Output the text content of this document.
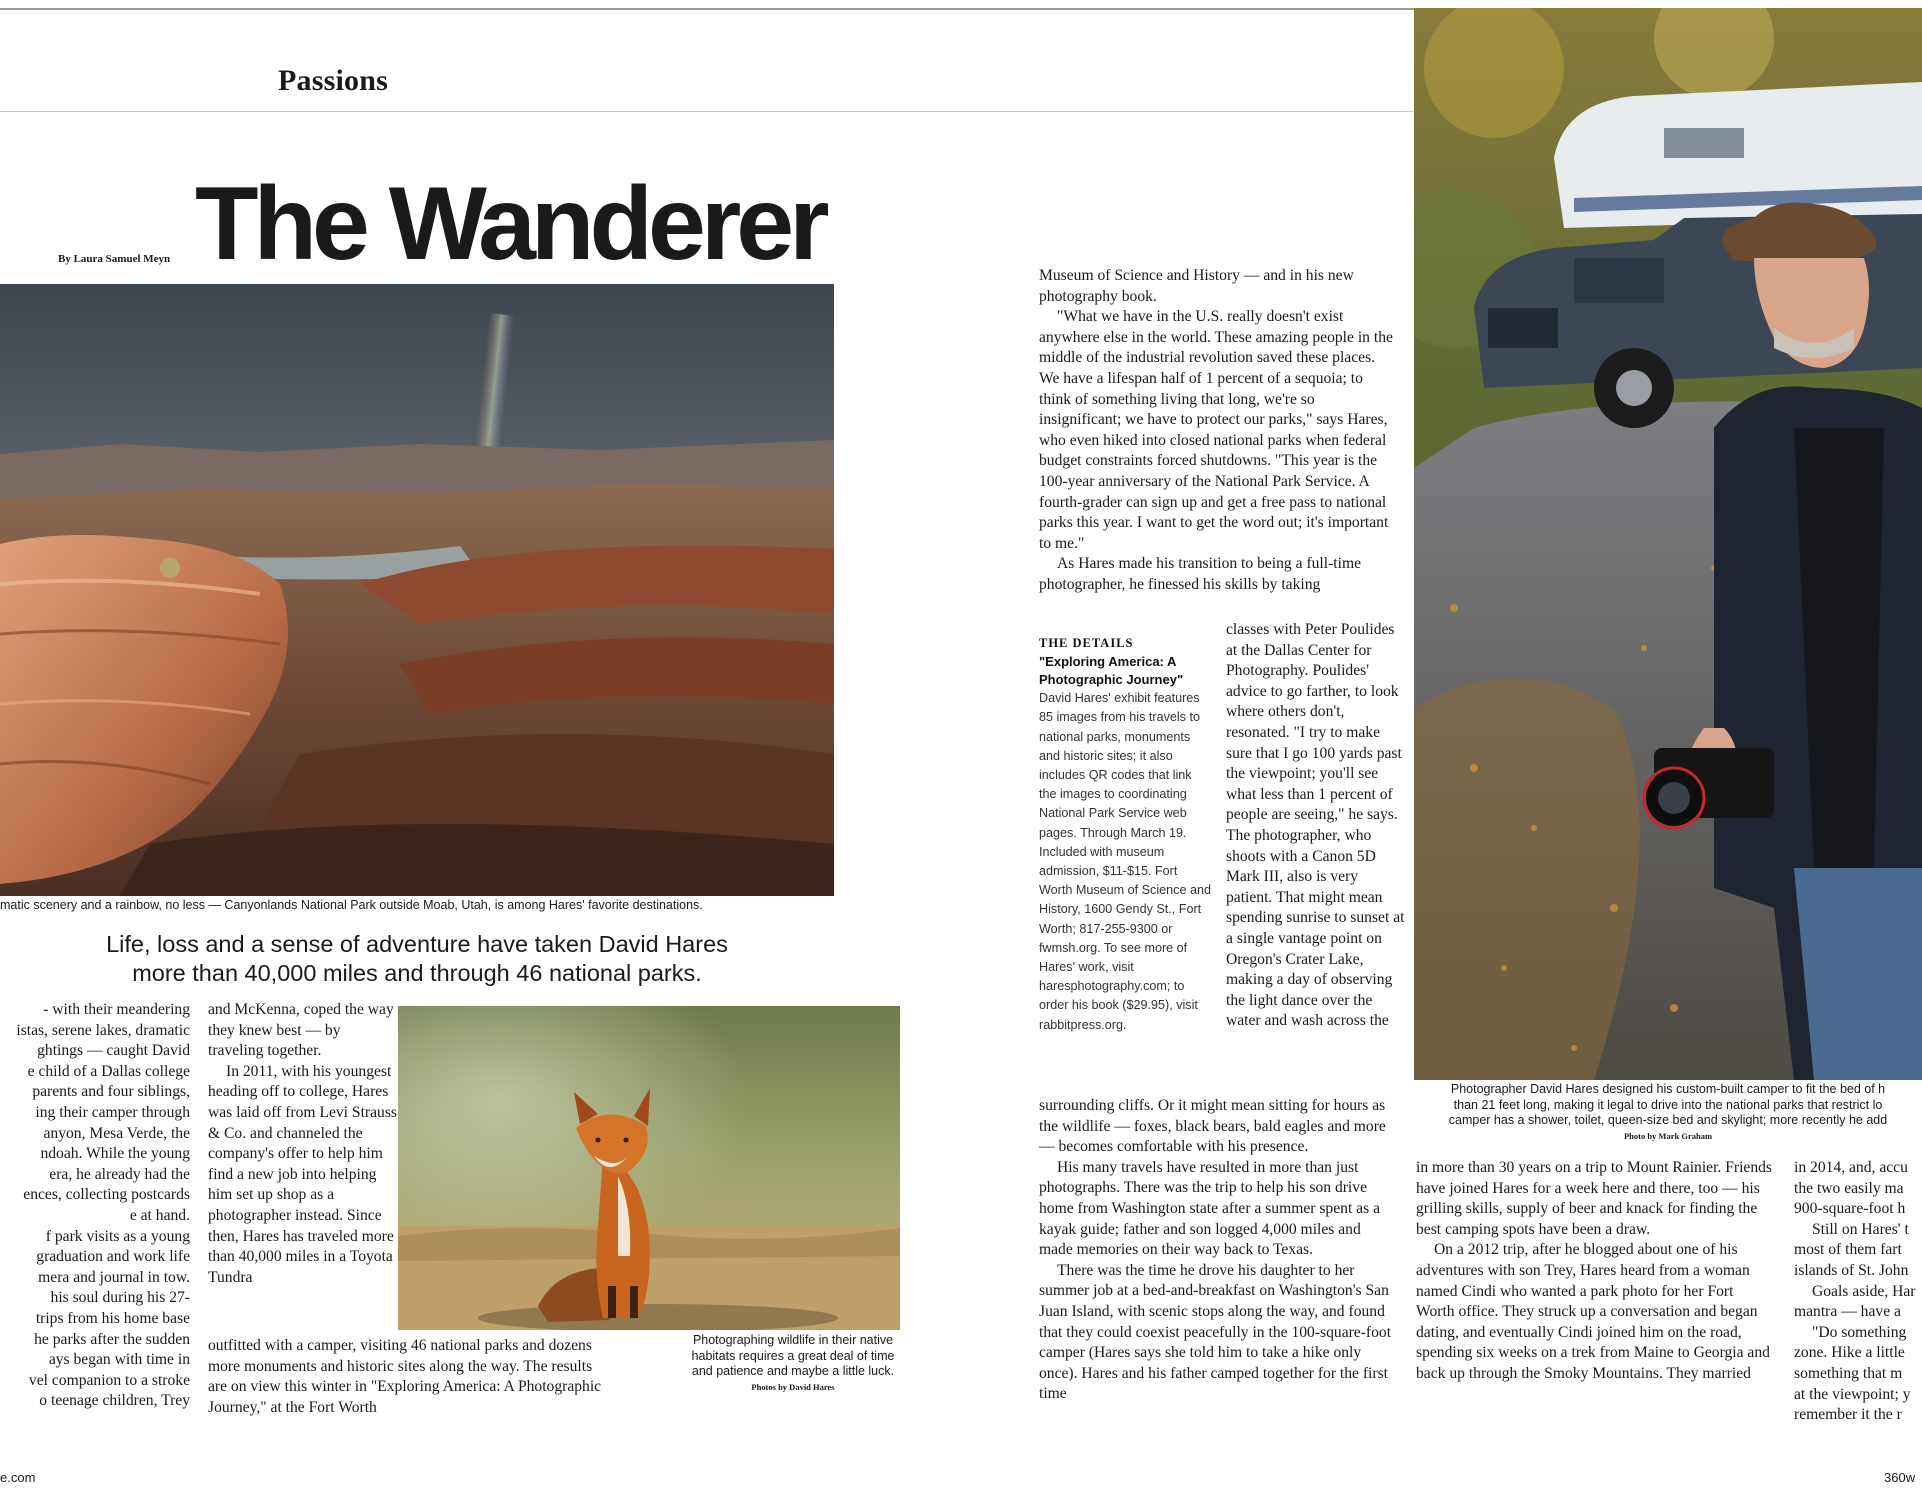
Passions
The Wanderer
By Laura Samuel Meyn
matic scenery and a rainbow, no less — Canyonlands National Park outside Moab, Utah, is among Hares' favorite destinations.
Life, loss and a sense of adventure have taken David Hares
more than 40,000 miles and through 46 national parks.
- with their meandering
istas, serene lakes, dramatic
ghtings — caught David
e child of a Dallas college
parents and four siblings,
ing their camper through
anyon, Mesa Verde, the
ndoah. While the young
era, he already had the
ences, collecting postcards
e at hand.
f park visits as a young
graduation and work life
mera and journal in tow.
his soul during his 27-
trips from his home base
he parks after the sudden
ays began with time in
vel companion to a stroke
o teenage children, Trey

and McKenna, coped the way they knew best — by traveling together.

In 2011, with his youngest heading off to college, Hares was laid off from Levi Strauss & Co. and channeled the company's offer to help him find a new job into helping him set up shop as a photographer instead. Since then, Hares has traveled more than 40,000 miles in a Toyota Tundra

outfitted with a camper, visiting 46 national parks and dozens more monuments and historic sites along the way. The results are on view this winter in "Exploring America: A Photographic Journey," at the Fort Worth
Photographing wildlife in their native habitats requires a great deal of time and patience and maybe a little luck.
Photos by David Hares

Museum of Science and History — and in his new photography book.

"What we have in the U.S. really doesn't exist anywhere else in the world. These amazing people in the middle of the industrial revolution saved these places. We have a lifespan half of 1 percent of a sequoia; to think of something living that long, we're so insignificant; we have to protect our parks," says Hares, who even hiked into closed national parks when federal budget constraints forced shutdowns. "This year is the 100-year anniversary of the National Park Service. A fourth-grader can sign up and get a free pass to national parks this year. I want to get the word out; it's important to me."

As Hares made his transition to being a full-time photographer, he finessed his skills by taking

THE DETAILS
"Exploring America: A Photographic Journey"
David Hares' exhibit features 85 images from his travels to national parks, monuments and historic sites; it also includes QR codes that link the images to coordinating National Park Service web pages. Through March 19. Included with museum admission, $11-$15. Fort Worth Museum of Science and History, 1600 Gendy St., Fort Worth; 817-255-9300 or fwmsh.org. To see more of Hares' work, visit haresphotography.com; to order his book ($29.95), visit rabbitpress.org.
classes with Peter Poulides at the Dallas Center for Photography. Poulides' advice to go farther, to look where others don't, resonated. "I try to make sure that I go 100 yards past the viewpoint; you'll see what less than 1 percent of people are seeing," he says. The photographer, who shoots with a Canon 5D Mark III, also is very patient. That might mean spending sunrise to sunset at a single vantage point on Oregon's Crater Lake, making a day of observing the light dance over the water and wash across the

surrounding cliffs. Or it might mean sitting for hours as the wildlife — foxes, black bears, bald eagles and more — becomes comfortable with his presence.

His many travels have resulted in more than just photographs. There was the trip to help his son drive home from Washington state after a summer spent as a kayak guide; father and son logged 4,000 miles and made memories on their way back to Texas.

There was the time he drove his daughter to her summer job at a bed-and-breakfast on Washington's San Juan Island, with scenic stops along the way, and found that they could coexist peacefully in the 100-square-foot camper (Hares says she told him to take a hike only once). Hares and his father camped together for the first time

Photographer David Hares designed his custom-built camper to fit the bed of h
than 21 feet long, making it legal to drive into the national parks that restrict lo
camper has a shower, toilet, queen-size bed and skylight; more recently he add
Photo by Mark Graham

in more than 30 years on a trip to Mount Rainier. Friends have joined Hares for a week here and there, too — his grilling skills, supply of beer and knack for finding the best camping spots have been a draw.

On a 2012 trip, after he blogged about one of his adventures with son Trey, Hares heard from a woman named Cindi who wanted a park photo for her Fort Worth office. They struck up a conversation and began dating, and eventually Cindi joined him on the road, spending six weeks on a trek from Maine to Georgia and back up through the Smoky Mountains. They married

in 2014, and, accu
the two easily ma
900-square-foot h
Still on Hares' t
most of them fart
islands of St. John
Goals aside, Har
mantra — have a
"Do something
zone. Hike a little
something that m
at the viewpoint; y
remember it the r
e.com	360w
